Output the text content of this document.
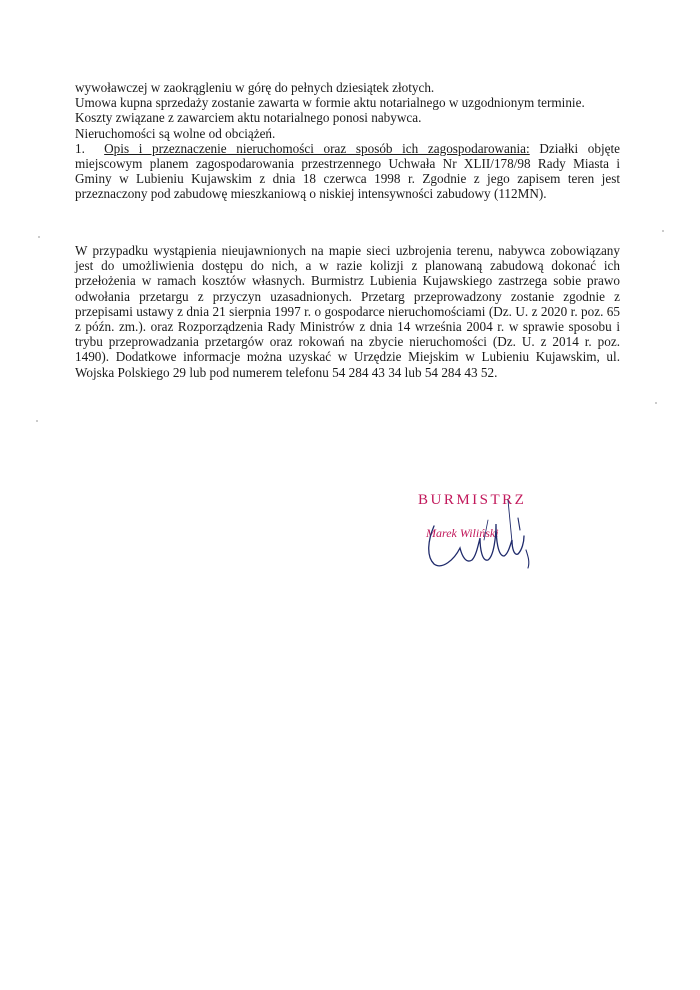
wywoławczej w zaokrągleniu w górę do pełnych dziesiątek złotych.

Umowa kupna sprzedaży zostanie zawarta w formie aktu notarialnego w uzgodnionym terminie.

Koszty związane z zawarciem aktu notarialnego ponosi nabywca.

Nieruchomości są wolne od obciążeń.

1. Opis i przeznaczenie nieruchomości oraz sposób ich zagospodarowania: Działki objęte miejscowym planem zagospodarowania przestrzennego Uchwała Nr XLII/178/98 Rady Miasta i Gminy w Lubieniu Kujawskim z dnia 18 czerwca 1998 r. Zgodnie z jego zapisem teren jest przeznaczony pod zabudowę mieszkaniową o niskiej intensywności zabudowy (112MN).

W przypadku wystąpienia nieujawnionych na mapie sieci uzbrojenia terenu, nabywca zobowiązany jest do umożliwienia dostępu do nich, a w razie kolizji z planowaną zabudową dokonać ich przełożenia w ramach kosztów własnych. Burmistrz Lubienia Kujawskiego zastrzega sobie prawo odwołania przetargu z przyczyn uzasadnionych. Przetarg przeprowadzony zostanie zgodnie z przepisami ustawy z dnia 21 sierpnia 1997 r. o gospodarce nieruchomościami (Dz. U. z 2020 r. poz. 65 z późn. zm.). oraz Rozporządzenia Rady Ministrów z dnia 14 września 2004 r. w sprawie sposobu i trybu przeprowadzania przetargów oraz rokowań na zbycie nieruchomości (Dz. U. z 2014 r. poz. 1490). Dodatkowe informacje można uzyskać w Urzędzie Miejskim w Lubieniu Kujawskim, ul. Wojska Polskiego 29 lub pod numerem telefonu 54 284 43 34 lub 54 284 43 52.

BURMISTRZ
Marek Wiliński
